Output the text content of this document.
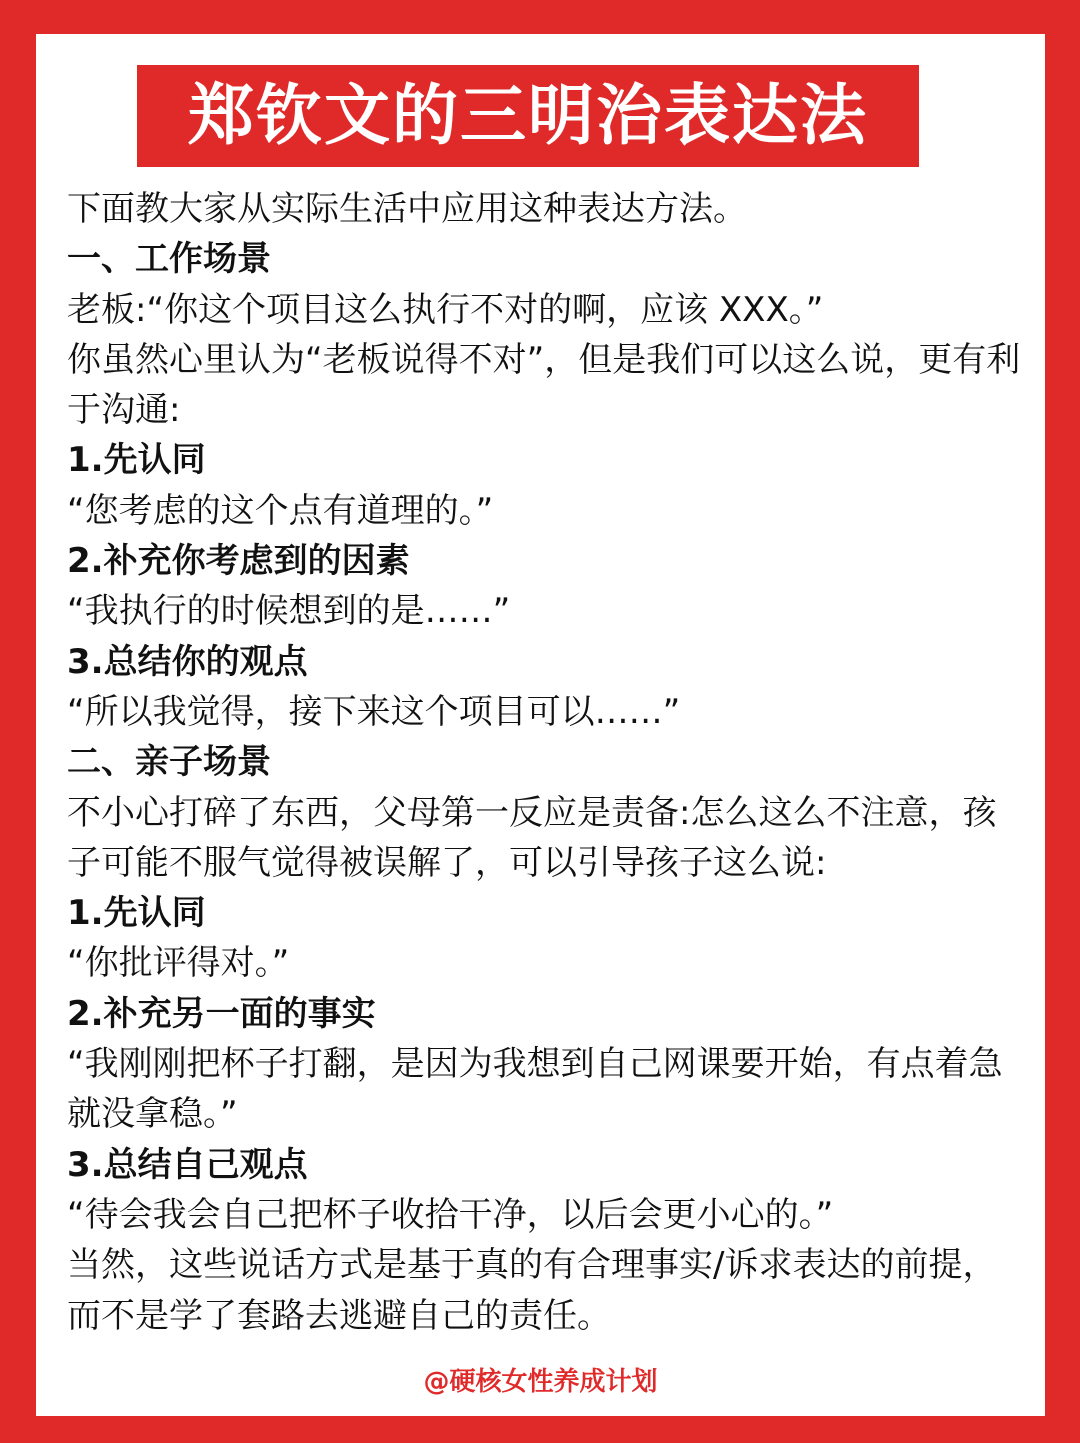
郑钦文的三明治表达法

下面教大家从实际生活中应用这种表达方法。

一、工作场景

老板:“你这个项目这么执行不对的啊，应该 XXX。”

你虽然心里认为“老板说得不对”，但是我们可以这么说，更有利于沟通:

1.先认同

“您考虑的这个点有道理的。”

2.补充你考虑到的因素

“我执行的时候想到的是……”

3.总结你的观点

“所以我觉得，接下来这个项目可以……”

二、亲子场景

不小心打碎了东西，父母第一反应是责备:怎么这么不注意，孩子可能不服气觉得被误解了，可以引导孩子这么说:

1.先认同

“你批评得对。”

2.补充另一面的事实

“我刚刚把杯子打翻，是因为我想到自己网课要开始，有点着急就没拿稳。”

3.总结自己观点

“待会我会自己把杯子收拾干净，以后会更小心的。”

当然，这些说话方式是基于真的有合理事实/诉求表达的前提，而不是学了套路去逃避自己的责任。

@硬核女性养成计划
